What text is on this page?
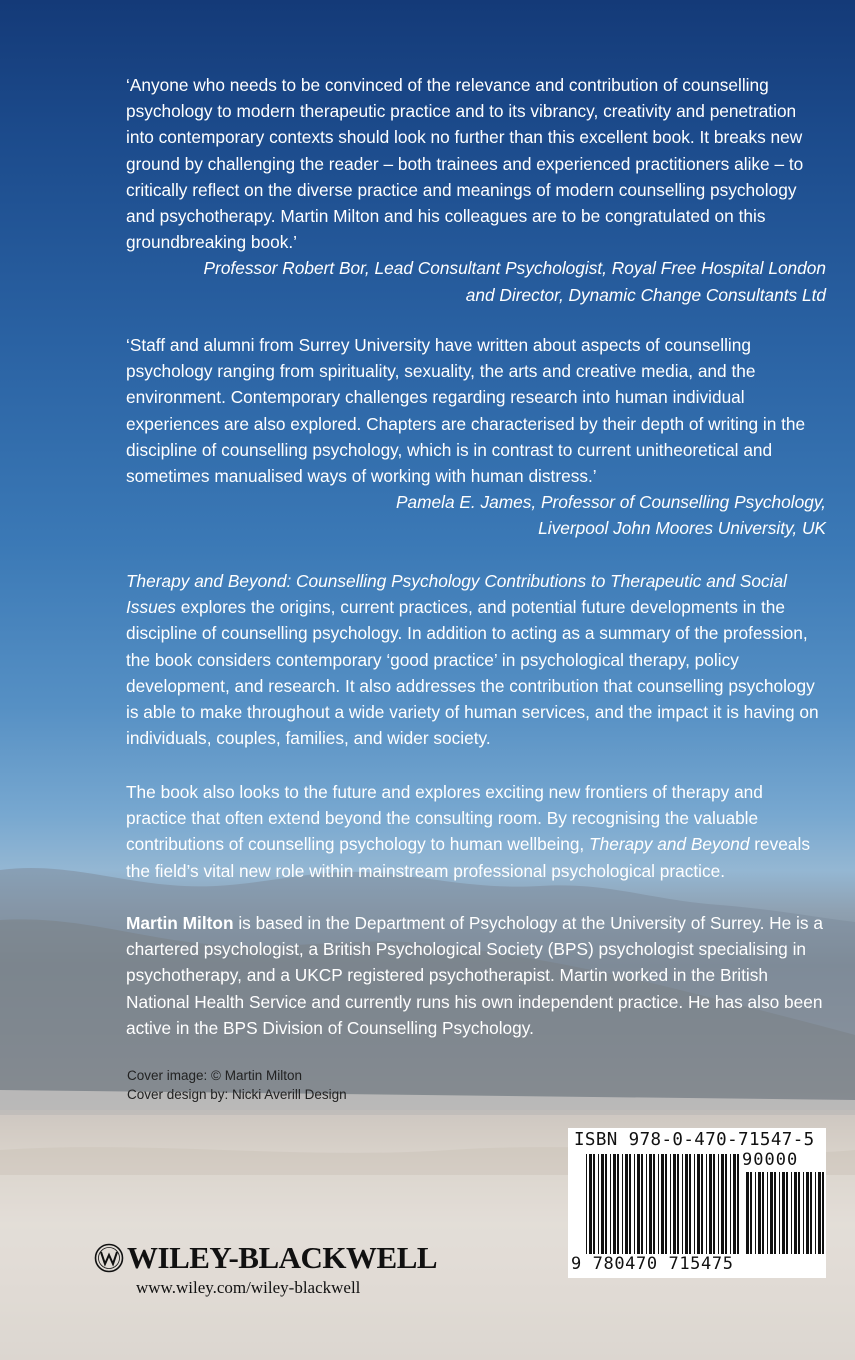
‘Anyone who needs to be convinced of the relevance and contribution of counselling psychology to modern therapeutic practice and to its vibrancy, creativity and penetration into contemporary contexts should look no further than this excellent book. It breaks new ground by challenging the reader – both trainees and experienced practitioners alike – to critically reflect on the diverse practice and meanings of modern counselling psychology and psychotherapy. Martin Milton and his colleagues are to be congratulated on this groundbreaking book.’

Professor Robert Bor, Lead Consultant Psychologist, Royal Free Hospital London
and Director, Dynamic Change Consultants Ltd

‘Staff and alumni from Surrey University have written about aspects of counselling psychology ranging from spirituality, sexuality, the arts and creative media, and the environment. Contemporary challenges regarding research into human individual experiences are also explored. Chapters are characterised by their depth of writing in the discipline of counselling psychology, which is in contrast to current unitheoretical and sometimes manualised ways of working with human distress.’

Pamela E. James, Professor of Counselling Psychology,
Liverpool John Moores University, UK

Therapy and Beyond: Counselling Psychology Contributions to Therapeutic and Social Issues explores the origins, current practices, and potential future developments in the discipline of counselling psychology. In addition to acting as a summary of the profession, the book considers contemporary ‘good practice’ in psychological therapy, policy development, and research. It also addresses the contribution that counselling psychology is able to make throughout a wide variety of human services, and the impact it is having on individuals, couples, families, and wider society.

The book also looks to the future and explores exciting new frontiers of therapy and practice that often extend beyond the consulting room. By recognising the valuable contributions of counselling psychology to human wellbeing, Therapy and Beyond reveals the field’s vital new role within mainstream professional psychological practice.

Martin Milton is based in the Department of Psychology at the University of Surrey. He is a chartered psychologist, a British Psychological Society (BPS) psychologist specialising in psychotherapy, and a UKCP registered psychotherapist. Martin worked in the British National Health Service and currently runs his own independent practice. He has also been active in the BPS Division of Counselling Psychology.

Cover image: © Martin Milton
Cover design by: Nicki Averill Design
WILEY-BLACKWELL
www.wiley.com/wiley-blackwell
ISBN 978-0-470-71547-5
90000
9 780470 715475
